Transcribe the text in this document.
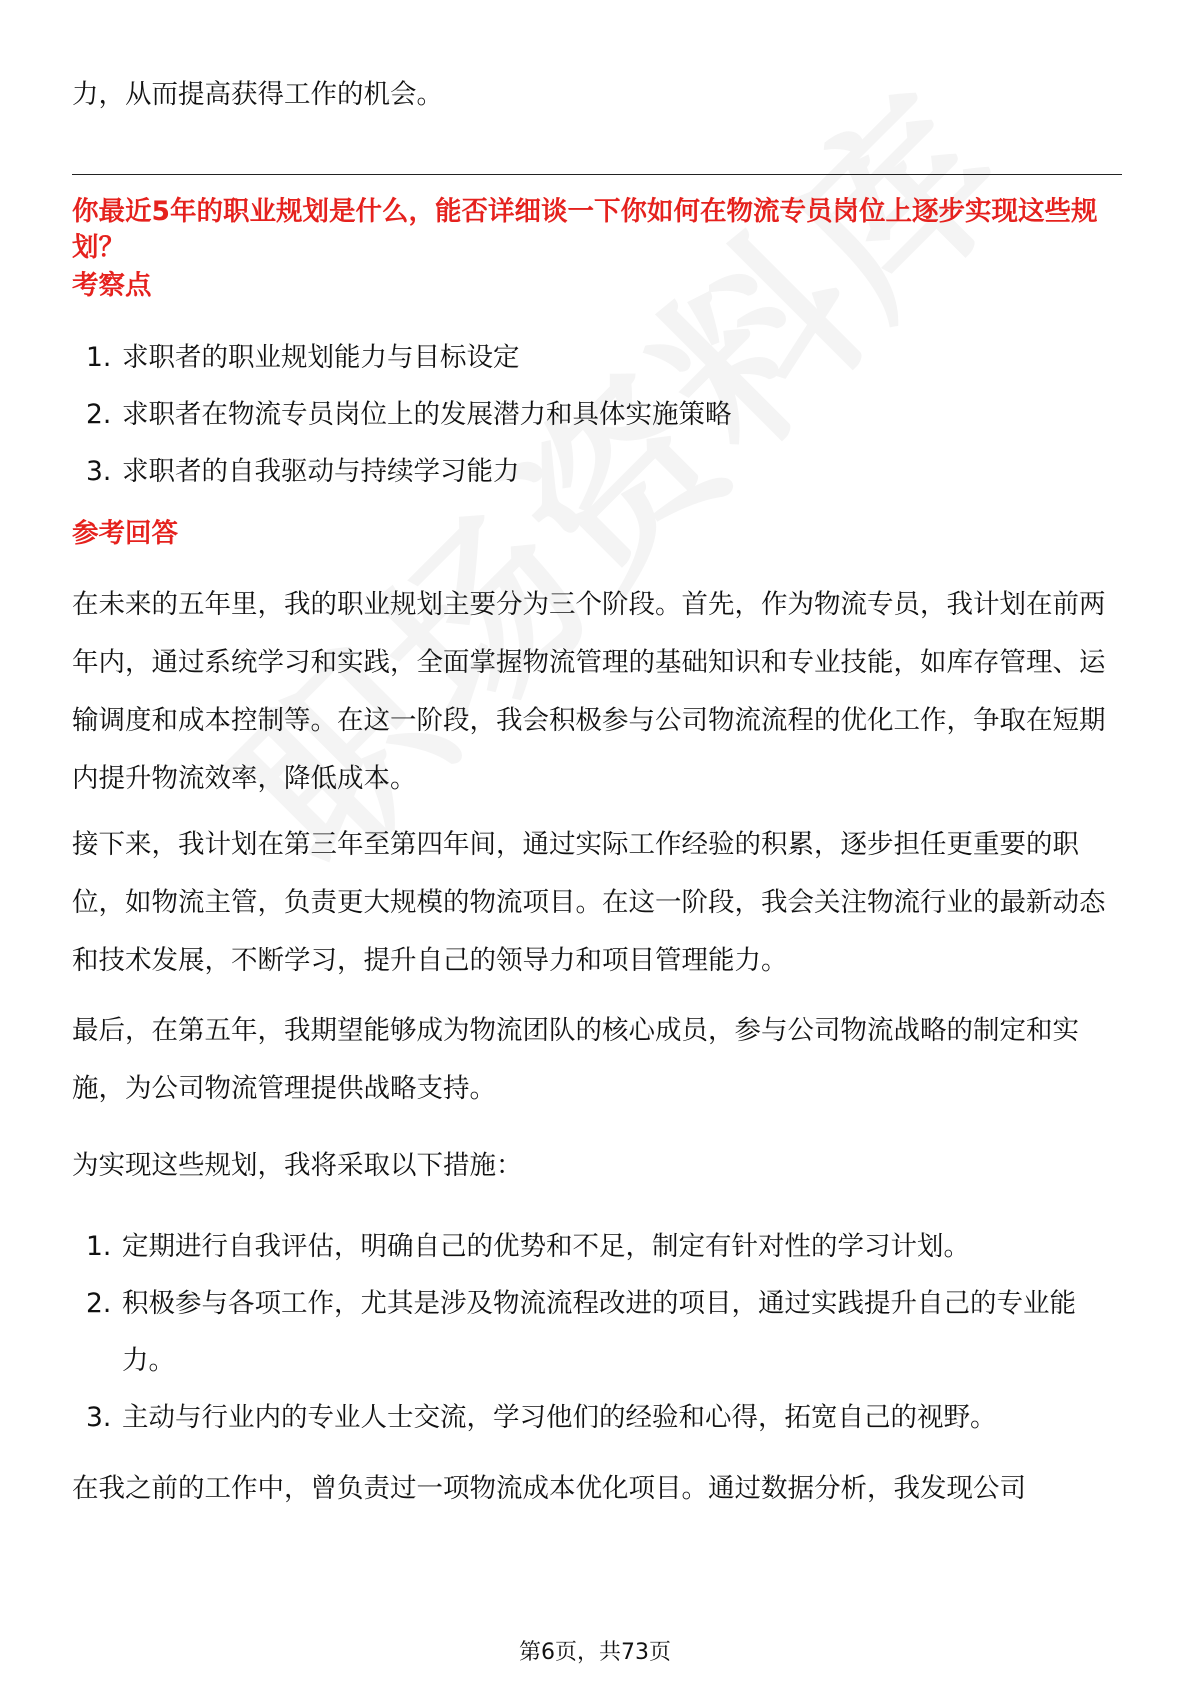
力，从而提高获得工作的机会。

你最近5年的职业规划是什么，能否详细谈一下你如何在物流专员岗位上逐步实现这些规划？

考察点

1. 求职者的职业规划能力与目标设定
2. 求职者在物流专员岗位上的发展潜力和具体实施策略
3. 求职者的自我驱动与持续学习能力

参考回答

在未来的五年里，我的职业规划主要分为三个阶段。首先，作为物流专员，我计划在前两年内，通过系统学习和实践，全面掌握物流管理的基础知识和专业技能，如库存管理、运输调度和成本控制等。在这一阶段，我会积极参与公司物流流程的优化工作，争取在短期内提升物流效率，降低成本。

接下来，我计划在第三年至第四年间，通过实际工作经验的积累，逐步担任更重要的职位，如物流主管，负责更大规模的物流项目。在这一阶段，我会关注物流行业的最新动态和技术发展，不断学习，提升自己的领导力和项目管理能力。

最后，在第五年，我期望能够成为物流团队的核心成员，参与公司物流战略的制定和实施，为公司物流管理提供战略支持。

为实现这些规划，我将采取以下措施：

1. 定期进行自我评估，明确自己的优势和不足，制定有针对性的学习计划。
2. 积极参与各项工作，尤其是涉及物流流程改进的项目，通过实践提升自己的专业能力。
3. 主动与行业内的专业人士交流，学习他们的经验和心得，拓宽自己的视野。

在我之前的工作中，曾负责过一项物流成本优化项目。通过数据分析，我发现公司

第6页，共73页
